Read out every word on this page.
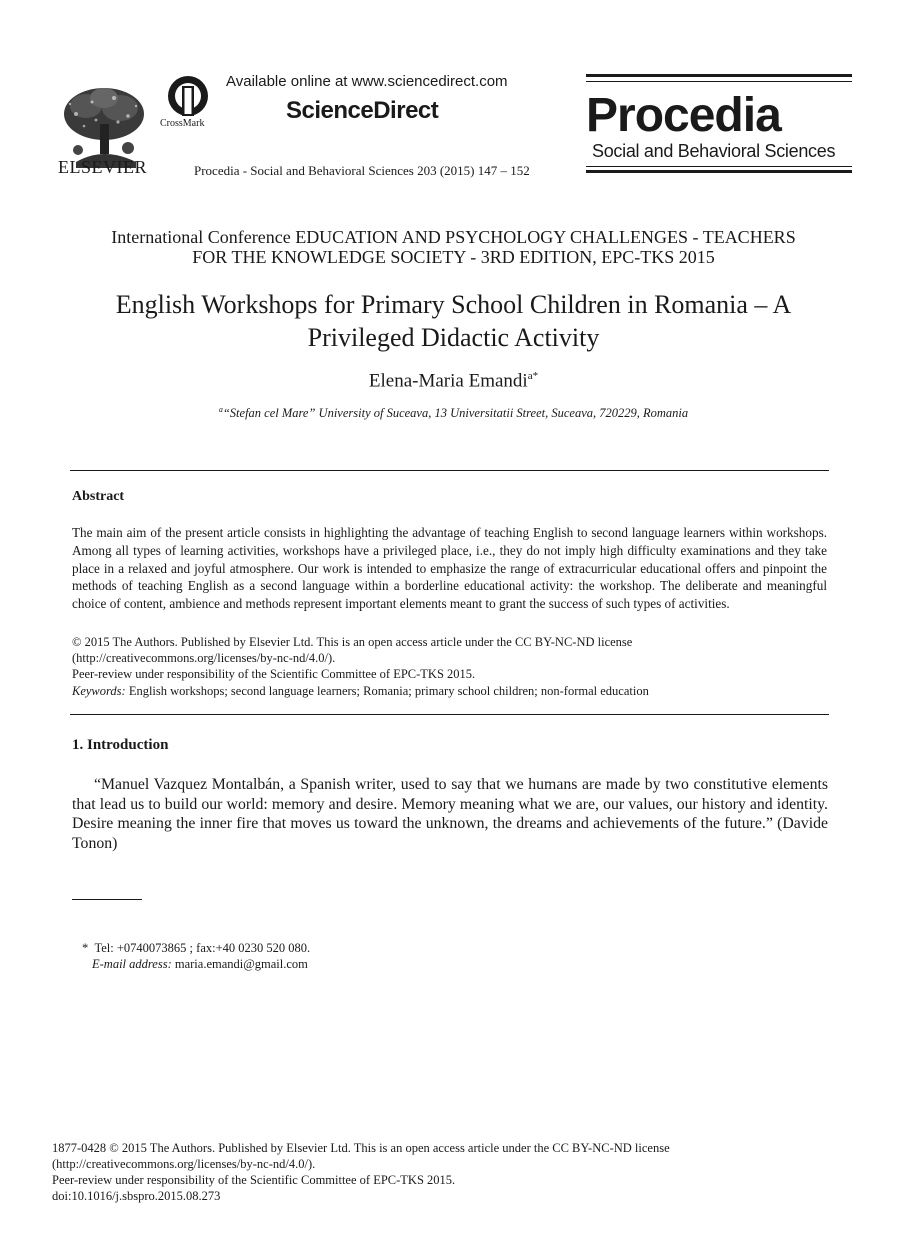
ELSEVIER
CrossMark
Available online at www.sciencedirect.com
ScienceDirect
Procedia - Social and Behavioral Sciences 203 (2015) 147 – 152
Procedia
Social and Behavioral Sciences
International Conference EDUCATION AND PSYCHOLOGY CHALLENGES - TEACHERS
FOR THE KNOWLEDGE SOCIETY - 3RD EDITION, EPC-TKS 2015
English Workshops for Primary School Children in Romania – A
Privileged Didactic Activity
Elena-Maria Emandi$^{a*}$
$^a$“Stefan cel Mare” University of Suceava, 13 Universitatii Street, Suceava, 720229, Romania
Abstract
The main aim of the present article consists in highlighting the advantage of teaching English to second language learners within workshops. Among all types of learning activities, workshops have a privileged place, i.e., they do not imply high difficulty examinations and they take place in a relaxed and joyful atmosphere. Our work is intended to emphasize the range of extracurricular educational offers and pinpoint the methods of teaching English as a second language within a borderline educational activity: the workshop. The deliberate and meaningful choice of content, ambience and methods represent important elements meant to grant the success of such types of activities.
© 2015 The Authors. Published by Elsevier Ltd. This is an open access article under the CC BY-NC-ND license
(http://creativecommons.org/licenses/by-nc-nd/4.0/).
Peer-review under responsibility of the Scientific Committee of EPC-TKS 2015.
Keywords: English workshops; second language learners; Romania; primary school children; non-formal education
1. Introduction
“Manuel Vazquez Montalbán, a Spanish writer, used to say that we humans are made by two constitutive elements that lead us to build our world: memory and desire. Memory meaning what we are, our values, our history and identity. Desire meaning the inner fire that moves us toward the unknown, the dreams and achievements of the future.” (Davide Tonon)
* Tel: +0740073865 ; fax:+40 0230 520 080.
E-mail address: maria.emandi@gmail.com
1877-0428 © 2015 The Authors. Published by Elsevier Ltd. This is an open access article under the CC BY-NC-ND license
(http://creativecommons.org/licenses/by-nc-nd/4.0/).
Peer-review under responsibility of the Scientific Committee of EPC-TKS 2015.
doi:10.1016/j.sbspro.2015.08.273
